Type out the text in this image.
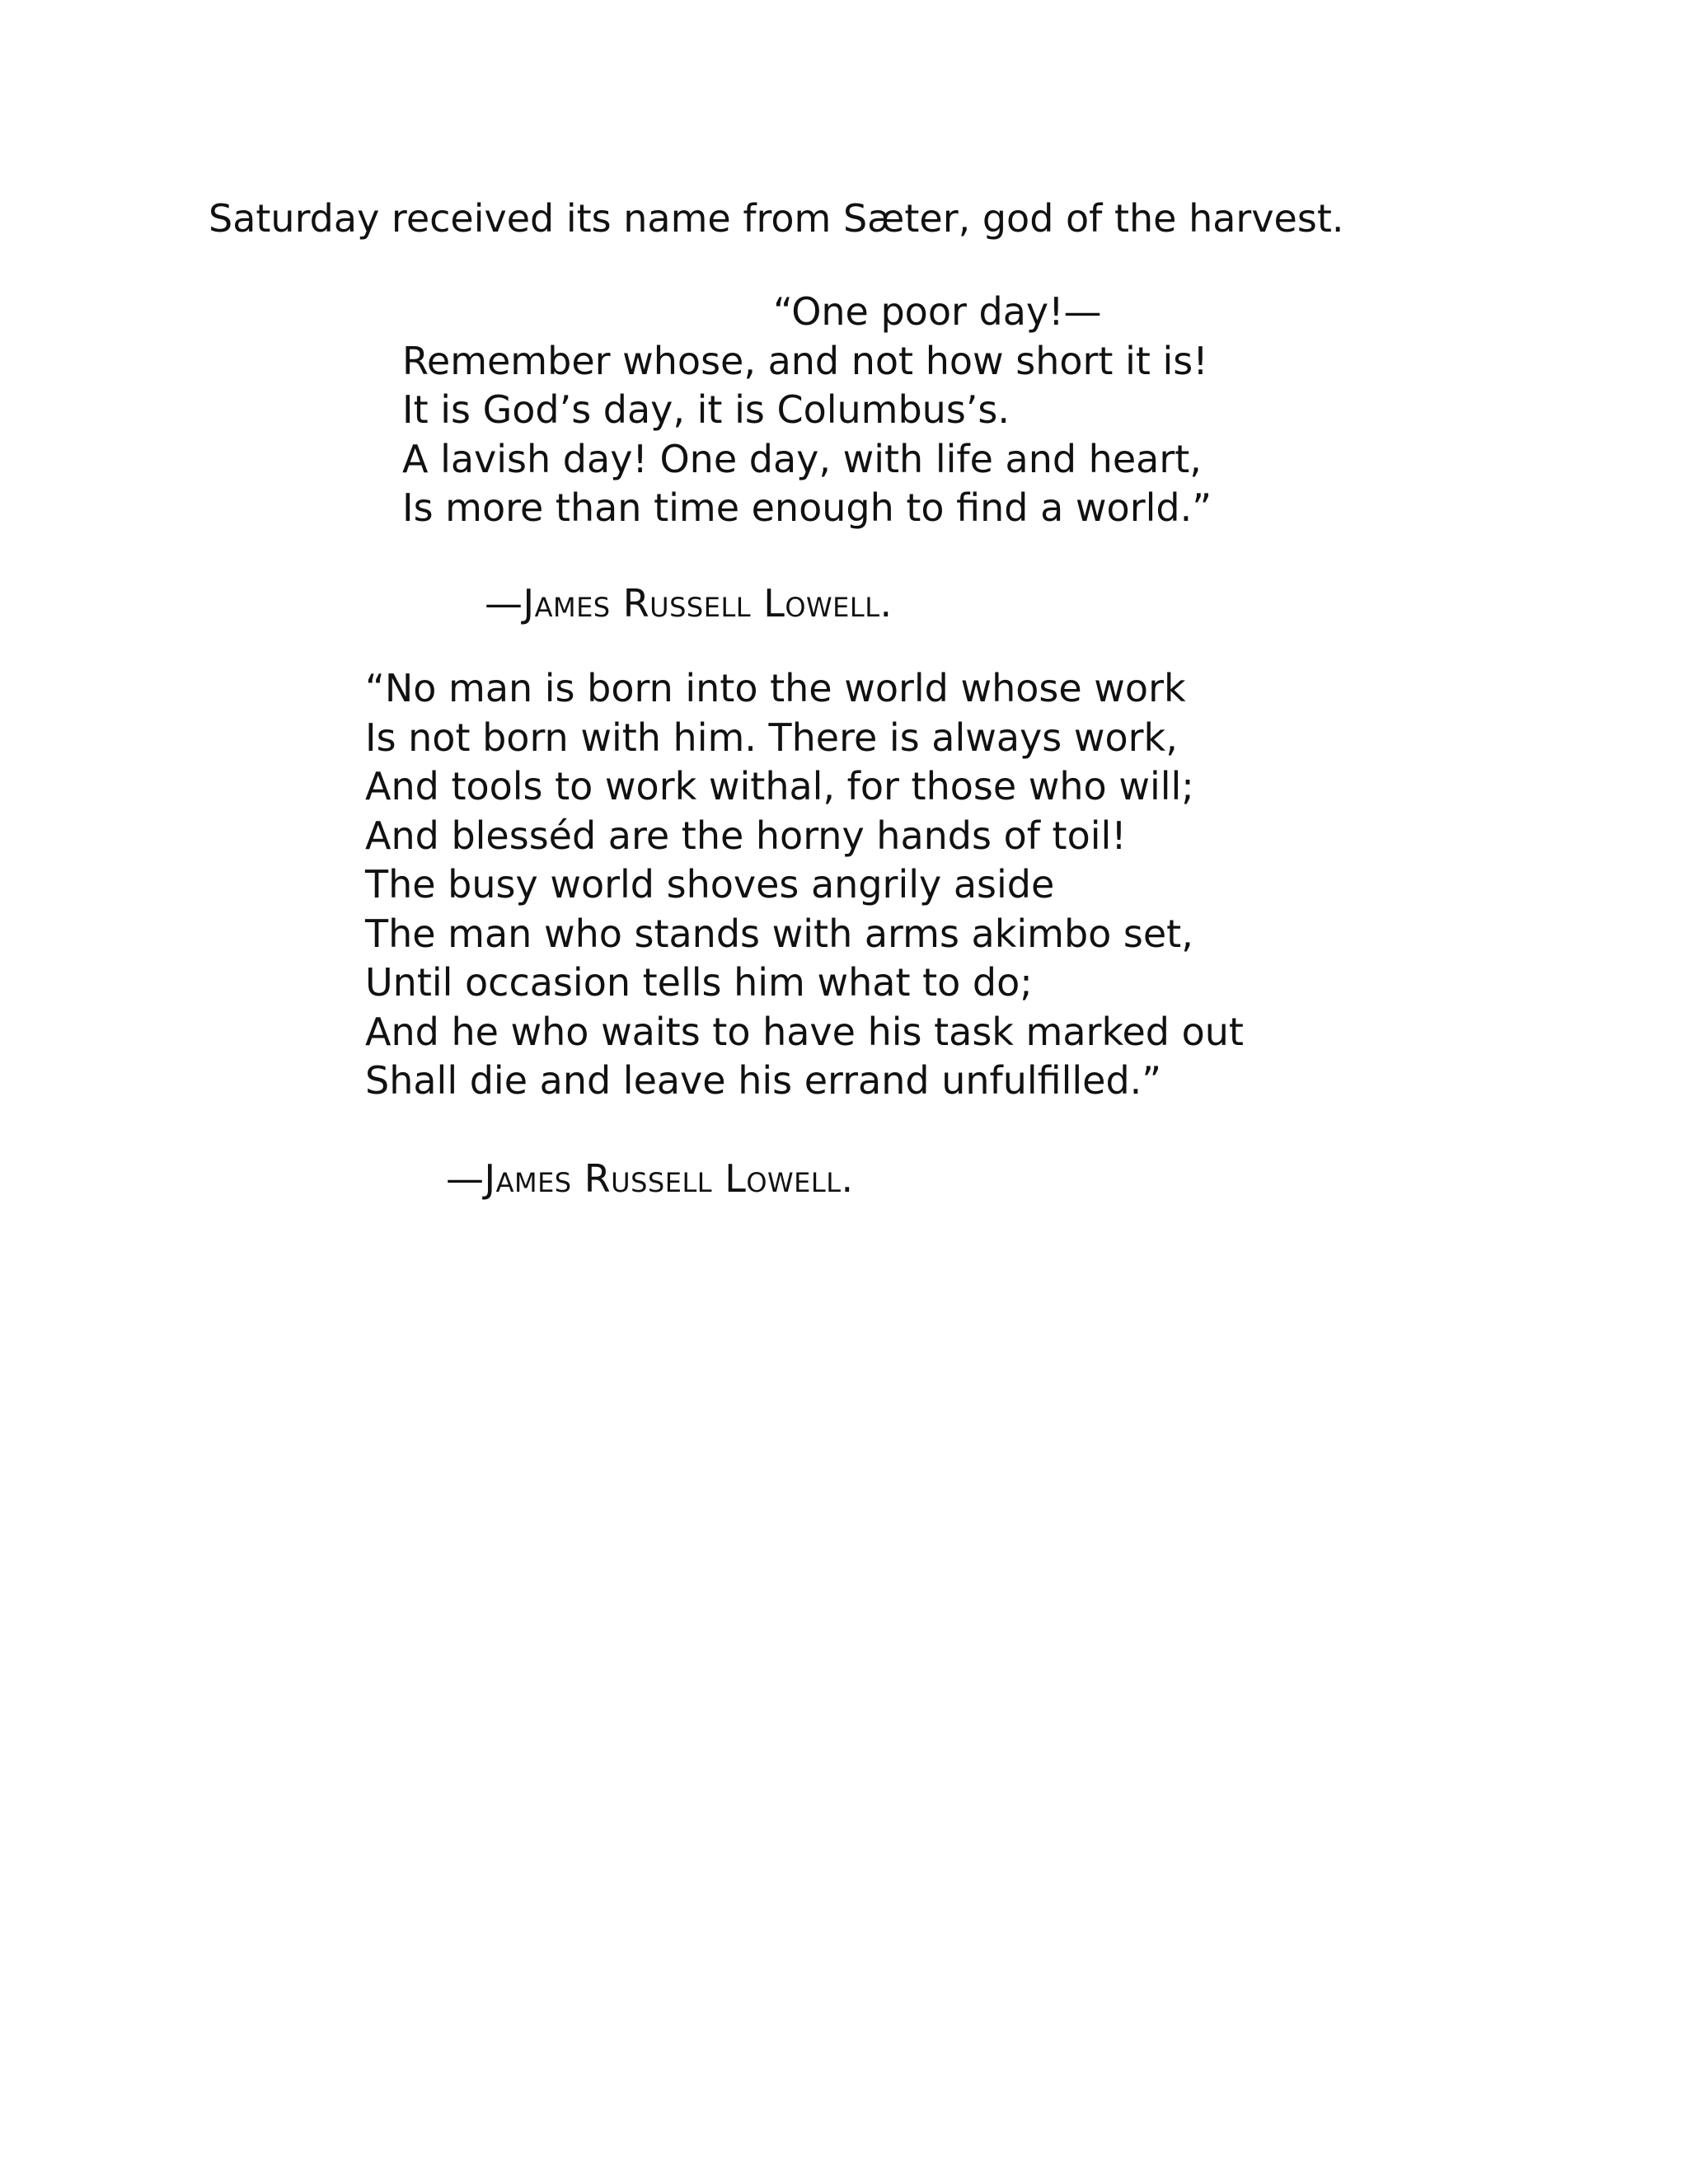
Saturday received its name from Sæter, god of the harvest.

“One poor day!—
Remember whose, and not how short it is!
It is God’s day, it is Columbus’s.
A lavish day! One day, with life and heart,
Is more than time enough to find a world.”

—James Russell Lowell.

“No man is born into the world whose work
Is not born with him. There is always work,
And tools to work withal, for those who will;
And blesséd are the horny hands of toil!
The busy world shoves angrily aside
The man who stands with arms akimbo set,
Until occasion tells him what to do;
And he who waits to have his task marked out
Shall die and leave his errand unfulfilled.”

—James Russell Lowell.
